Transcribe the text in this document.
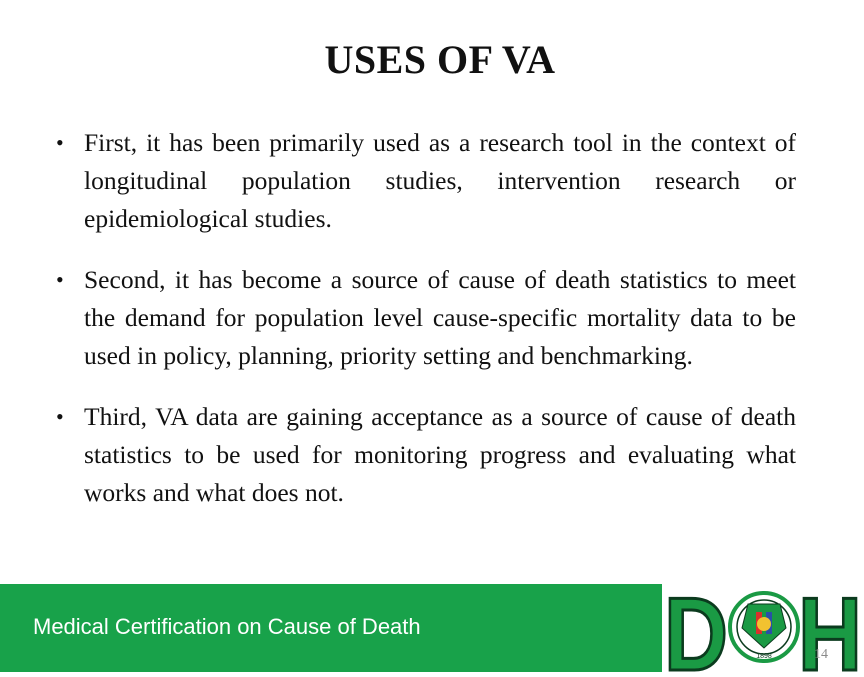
USES OF VA
• First, it has been primarily used as a research tool in the context of longitudinal population studies, intervention research or epidemiological studies.
• Second, it has become a source of cause of death statistics to meet the demand for population level cause-specific mortality data to be used in policy, planning, priority setting and benchmarking.
• Third, VA data are gaining acceptance as a source of cause of death statistics to be used for monitoring progress and evaluating what works and what does not.
Medical Certification on Cause of Death D	1898 H
14
